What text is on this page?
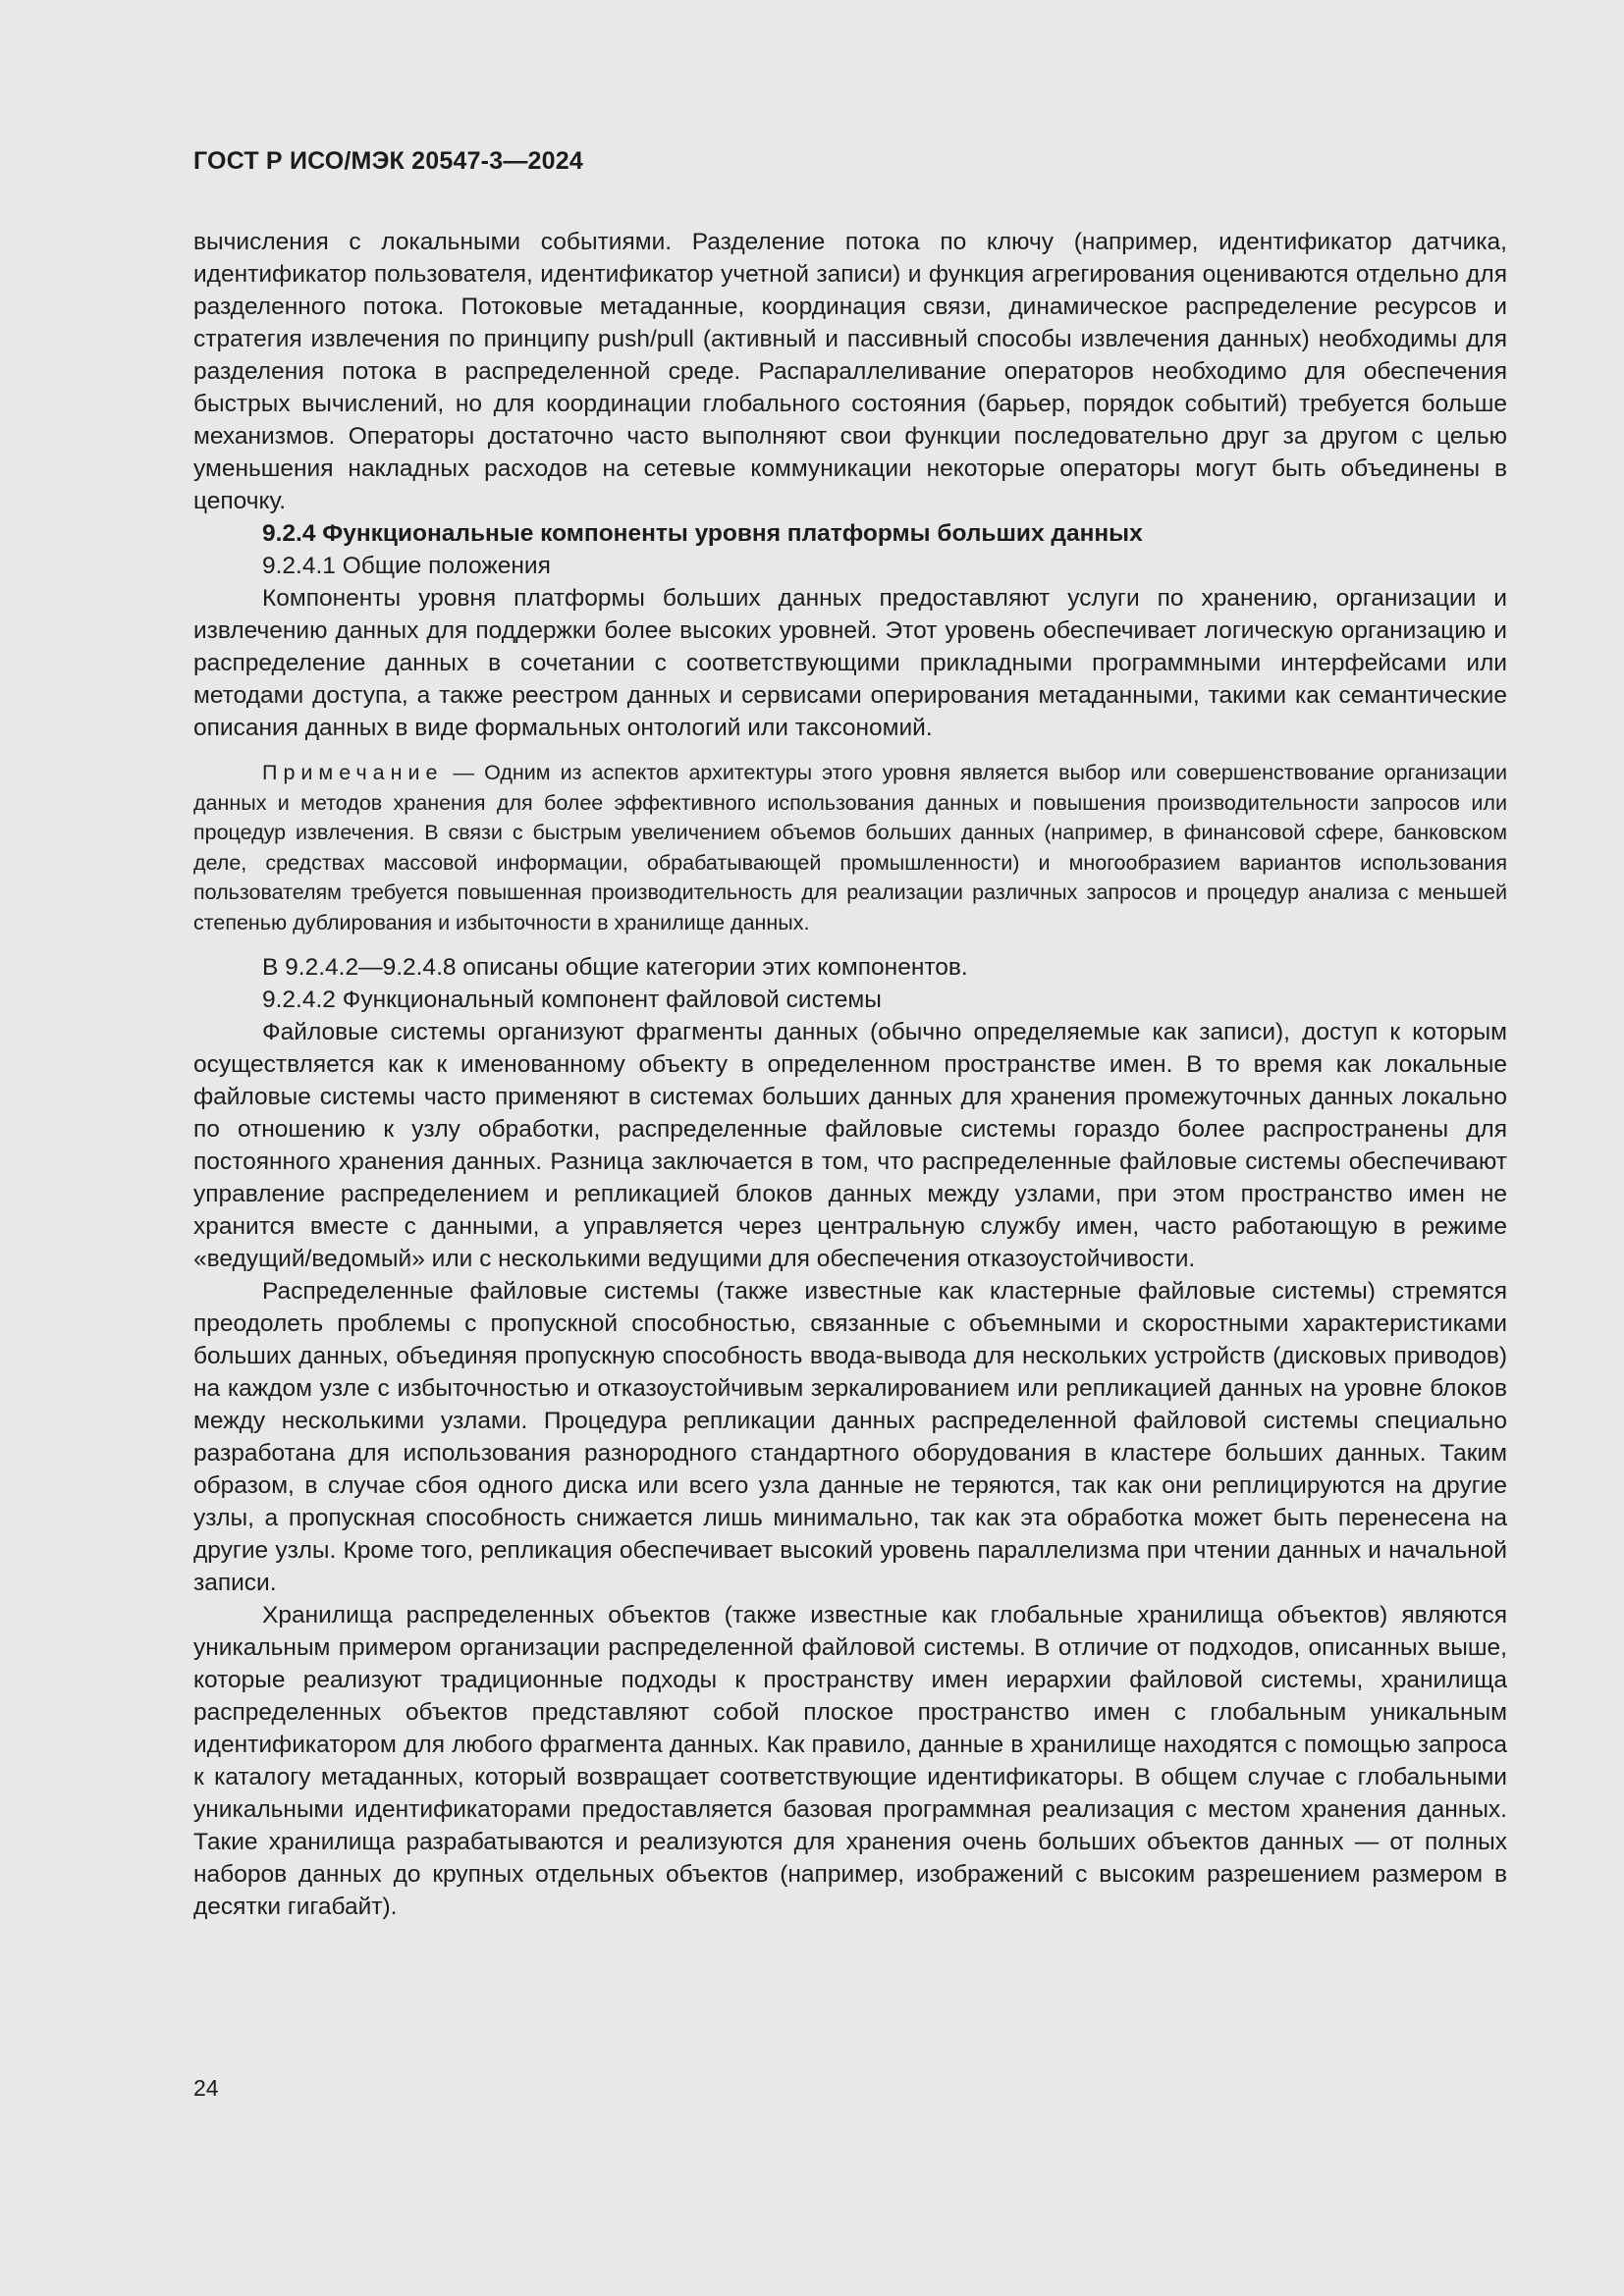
ГОСТ Р ИСО/МЭК 20547-3—2024

вычисления с локальными событиями. Разделение потока по ключу (например, идентификатор датчика, идентификатор пользователя, идентификатор учетной записи) и функция агрегирования оцениваются отдельно для разделенного потока. Потоковые метаданные, координация связи, динамическое распределение ресурсов и стратегия извлечения по принципу push/pull (активный и пассивный способы извлечения данных) необходимы для разделения потока в распределенной среде. Распараллеливание операторов необходимо для обеспечения быстрых вычислений, но для координации глобального состояния (барьер, порядок событий) требуется больше механизмов. Операторы достаточно часто выполняют свои функции последовательно друг за другом с целью уменьшения накладных расходов на сетевые коммуникации некоторые операторы могут быть объединены в цепочку.

9.2.4 Функциональные компоненты уровня платформы больших данных

9.2.4.1 Общие положения

Компоненты уровня платформы больших данных предоставляют услуги по хранению, организации и извлечению данных для поддержки более высоких уровней. Этот уровень обеспечивает логическую организацию и распределение данных в сочетании с соответствующими прикладными программными интерфейсами или методами доступа, а также реестром данных и сервисами оперирования метаданными, такими как семантические описания данных в виде формальных онтологий или таксономий.

Примечание — Одним из аспектов архитектуры этого уровня является выбор или совершенствование организации данных и методов хранения для более эффективного использования данных и повышения производительности запросов или процедур извлечения. В связи с быстрым увеличением объемов больших данных (например, в финансовой сфере, банковском деле, средствах массовой информации, обрабатывающей промышленности) и многообразием вариантов использования пользователям требуется повышенная производительность для реализации различных запросов и процедур анализа с меньшей степенью дублирования и избыточности в хранилище данных.

В 9.2.4.2—9.2.4.8 описаны общие категории этих компонентов.

9.2.4.2 Функциональный компонент файловой системы

Файловые системы организуют фрагменты данных (обычно определяемые как записи), доступ к которым осуществляется как к именованному объекту в определенном пространстве имен. В то время как локальные файловые системы часто применяют в системах больших данных для хранения промежуточных данных локально по отношению к узлу обработки, распределенные файловые системы гораздо более распространены для постоянного хранения данных. Разница заключается в том, что распределенные файловые системы обеспечивают управление распределением и репликацией блоков данных между узлами, при этом пространство имен не хранится вместе с данными, а управляется через центральную службу имен, часто работающую в режиме «ведущий/ведомый» или с несколькими ведущими для обеспечения отказоустойчивости.

Распределенные файловые системы (также известные как кластерные файловые системы) стремятся преодолеть проблемы с пропускной способностью, связанные с объемными и скоростными характеристиками больших данных, объединяя пропускную способность ввода-вывода для нескольких устройств (дисковых приводов) на каждом узле с избыточностью и отказоустойчивым зеркалированием или репликацией данных на уровне блоков между несколькими узлами. Процедура репликации данных распределенной файловой системы специально разработана для использования разнородного стандартного оборудования в кластере больших данных. Таким образом, в случае сбоя одного диска или всего узла данные не теряются, так как они реплицируются на другие узлы, а пропускная способность снижается лишь минимально, так как эта обработка может быть перенесена на другие узлы. Кроме того, репликация обеспечивает высокий уровень параллелизма при чтении данных и начальной записи.

Хранилища распределенных объектов (также известные как глобальные хранилища объектов) являются уникальным примером организации распределенной файловой системы. В отличие от подходов, описанных выше, которые реализуют традиционные подходы к пространству имен иерархии файловой системы, хранилища распределенных объектов представляют собой плоское пространство имен с глобальным уникальным идентификатором для любого фрагмента данных. Как правило, данные в хранилище находятся с помощью запроса к каталогу метаданных, который возвращает соответствующие идентификаторы. В общем случае с глобальными уникальными идентификаторами предоставляется базовая программная реализация с местом хранения данных. Такие хранилища разрабатываются и реализуются для хранения очень больших объектов данных — от полных наборов данных до крупных отдельных объектов (например, изображений с высоким разрешением размером в десятки гигабайт).

24
